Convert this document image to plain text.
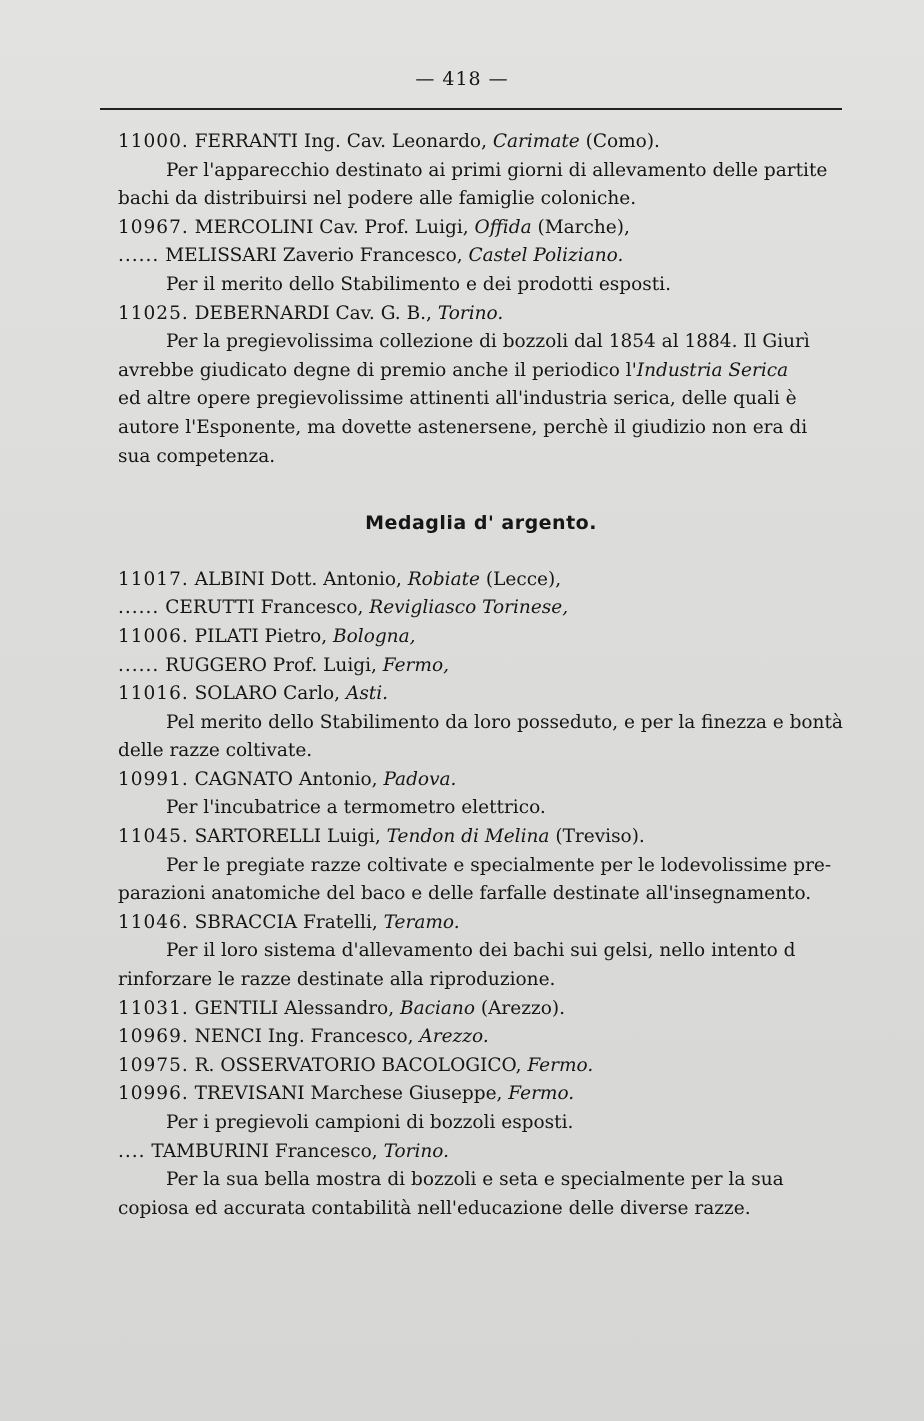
— 418 —
11000. FERRANTI Ing. Cav. Leonardo, Carimate (Como).
Per l'apparecchio destinato ai primi giorni di allevamento delle partite
bachi da distribuirsi nel podere alle famiglie coloniche.
10967. MERCOLINI Cav. Prof. Luigi, Offida (Marche),
...... MELISSARI Zaverio Francesco, Castel Poliziano.
Per il merito dello Stabilimento e dei prodotti esposti.
11025. DEBERNARDI Cav. G. B., Torino.
Per la pregievolissima collezione di bozzoli dal 1854 al 1884. Il Giurì
avrebbe giudicato degne di premio anche il periodico l'Industria Serica
ed altre opere pregievolissime attinenti all'industria serica, delle quali è
autore l'Esponente, ma dovette astenersene, perchè il giudizio non era di
sua competenza.
Medaglia d' argento.
11017. ALBINI Dott. Antonio, Robiate (Lecce),
...... CERUTTI Francesco, Revigliasco Torinese,
11006. PILATI Pietro, Bologna,
...... RUGGERO Prof. Luigi, Fermo,
11016. SOLARO Carlo, Asti.
Pel merito dello Stabilimento da loro posseduto, e per la finezza e bontà
delle razze coltivate.
10991. CAGNATO Antonio, Padova.
Per l'incubatrice a termometro elettrico.
11045. SARTORELLI Luigi, Tendon di Melina (Treviso).
Per le pregiate razze coltivate e specialmente per le lodevolissime pre-
parazioni anatomiche del baco e delle farfalle destinate all'insegnamento.
11046. SBRACCIA Fratelli, Teramo.
Per il loro sistema d'allevamento dei bachi sui gelsi, nello intento d
rinforzare le razze destinate alla riproduzione.
11031. GENTILI Alessandro, Baciano (Arezzo).
10969. NENCI Ing. Francesco, Arezzo.
10975. R. OSSERVATORIO BACOLOGICO, Fermo.
10996. TREVISANI Marchese Giuseppe, Fermo.
Per i pregievoli campioni di bozzoli esposti.
.... TAMBURINI Francesco, Torino.
Per la sua bella mostra di bozzoli e seta e specialmente per la sua
copiosa ed accurata contabilità nell'educazione delle diverse razze.
